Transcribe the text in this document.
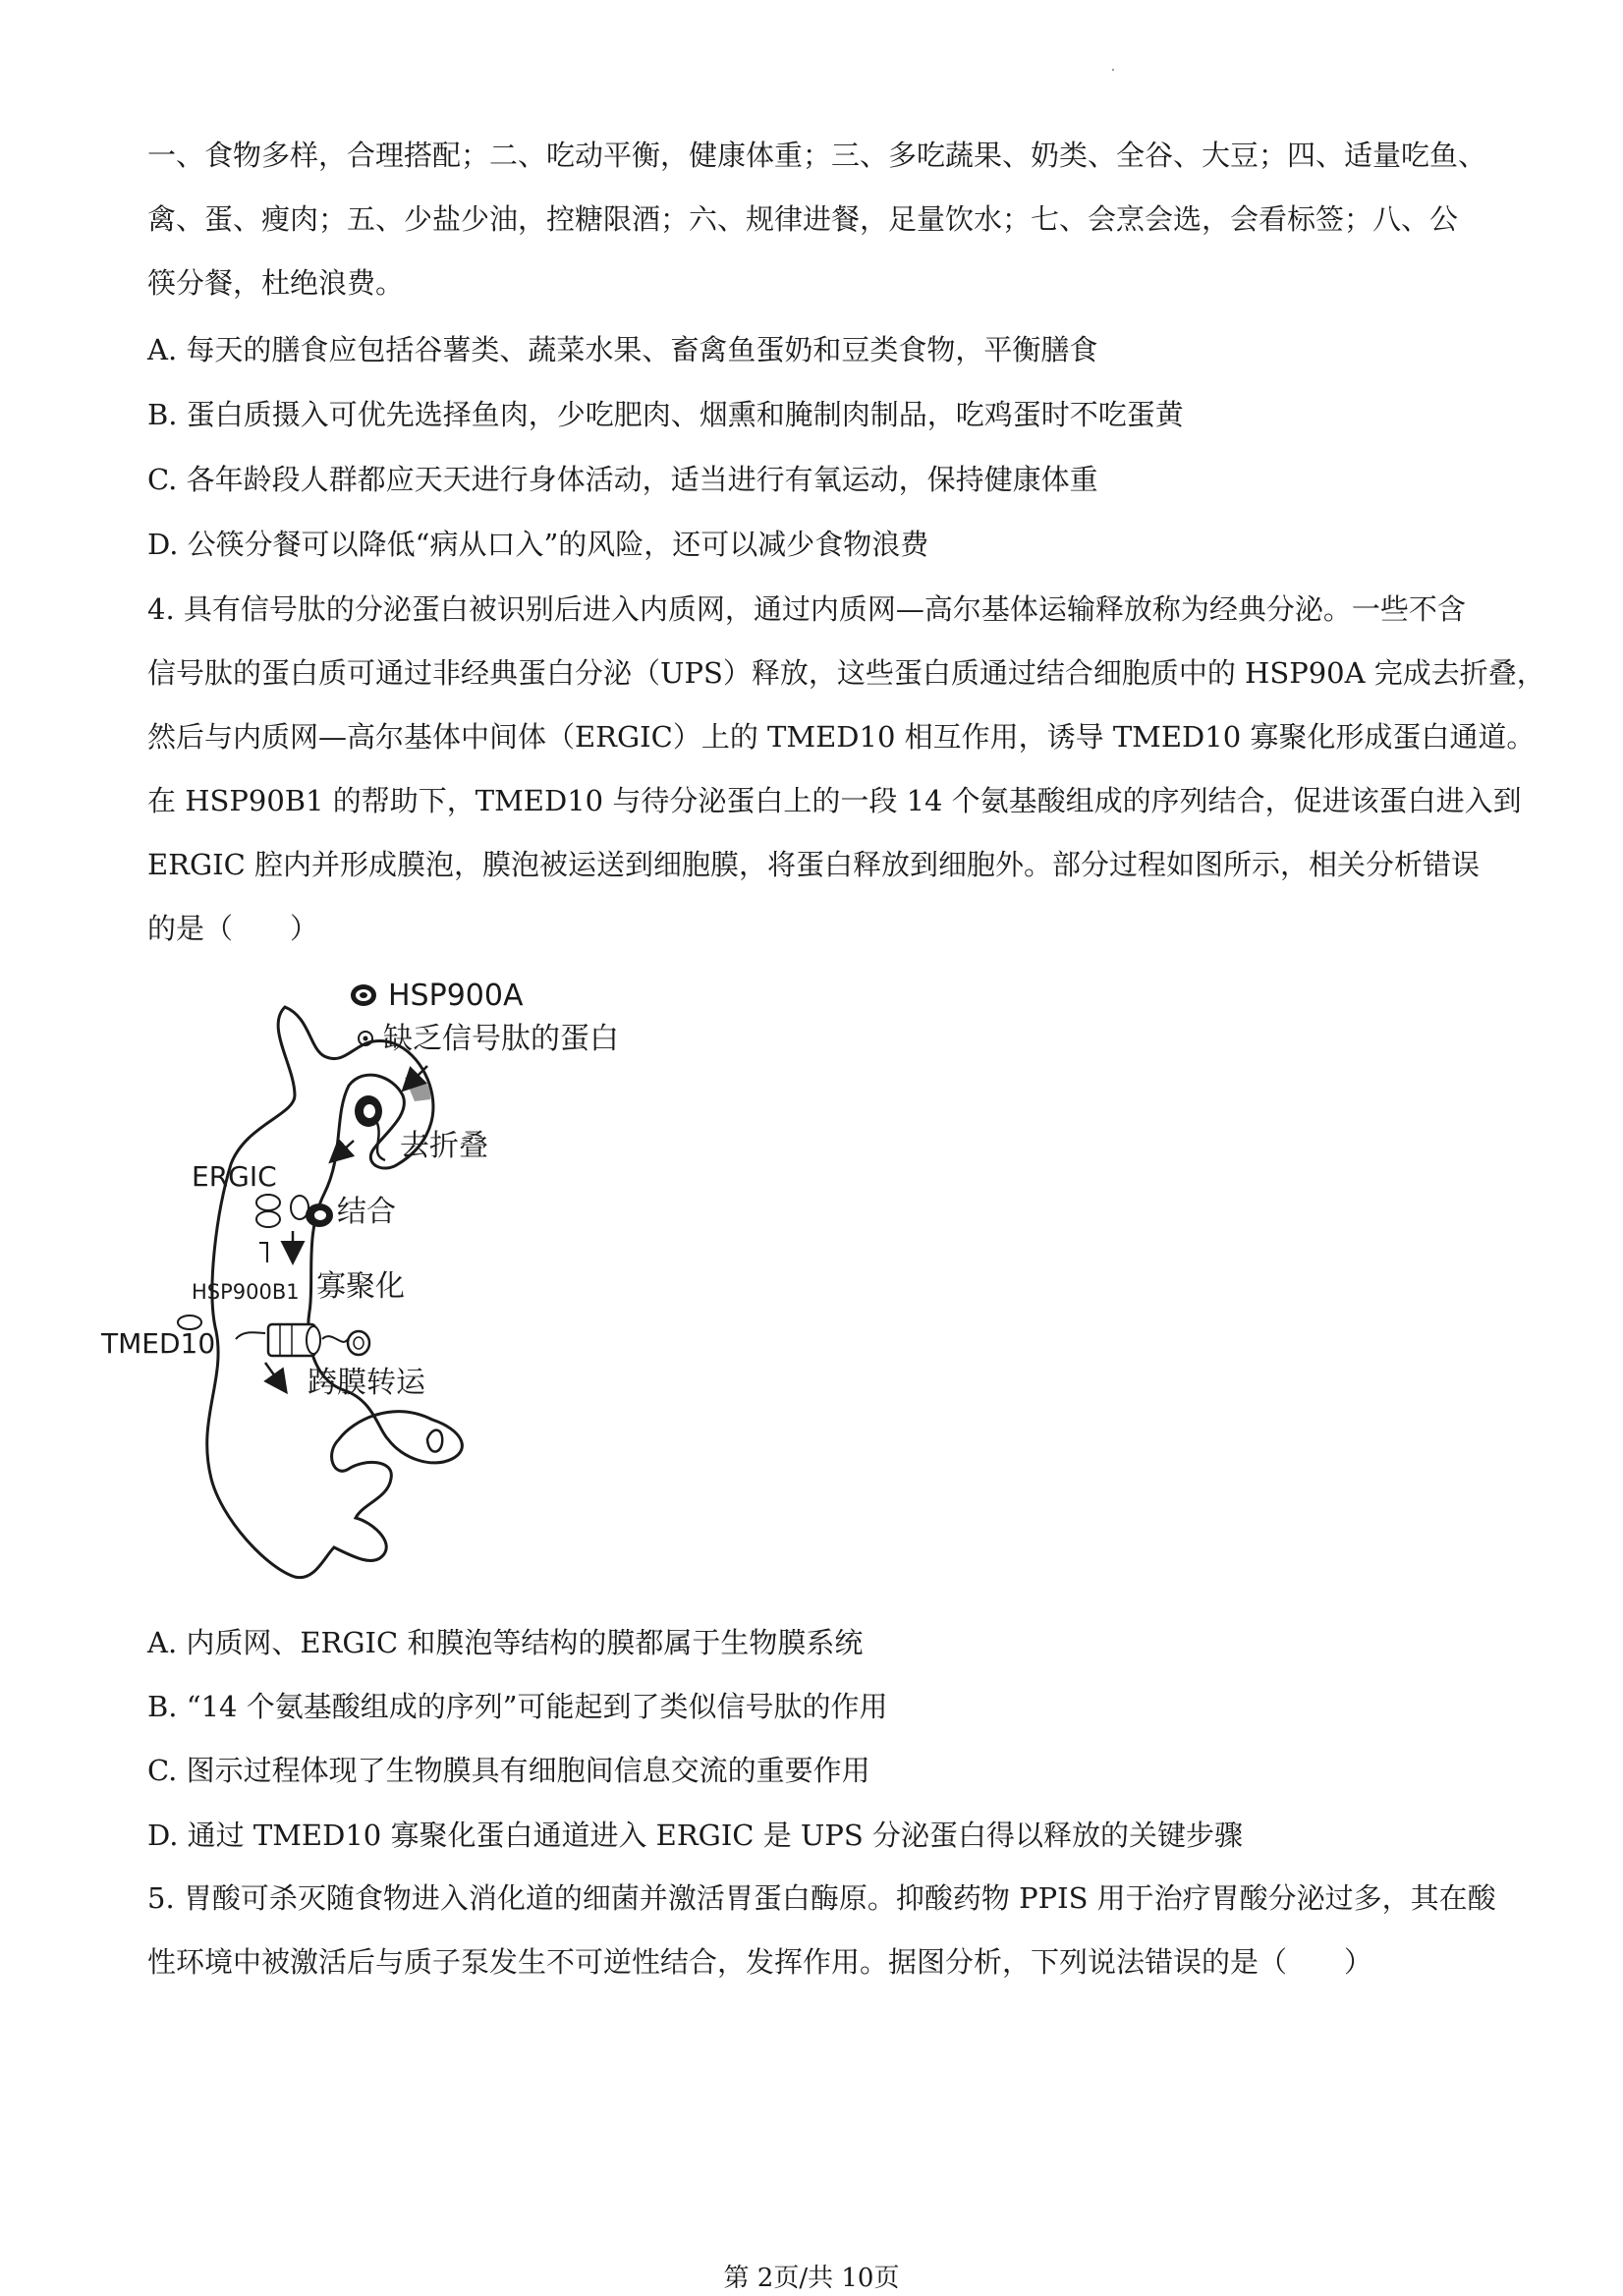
一、食物多样，合理搭配；二、吃动平衡，健康体重；三、多吃蔬果、奶类、全谷、大豆；四、适量吃鱼、
禽、蛋、瘦肉；五、少盐少油，控糖限酒；六、规律进餐，足量饮水；七、会烹会选，会看标签；八、公
筷分餐，杜绝浪费。

A. 每天的膳食应包括谷薯类、蔬菜水果、畜禽鱼蛋奶和豆类食物，平衡膳食

B. 蛋白质摄入可优先选择鱼肉，少吃肥肉、烟熏和腌制肉制品，吃鸡蛋时不吃蛋黄

C. 各年龄段人群都应天天进行身体活动，适当进行有氧运动，保持健康体重

D. 公筷分餐可以降低“病从口入”的风险，还可以减少食物浪费

4. 具有信号肽的分泌蛋白被识别后进入内质网，通过内质网—高尔基体运输释放称为经典分泌。一些不含
信号肽的蛋白质可通过非经典蛋白分泌（UPS）释放，这些蛋白质通过结合细胞质中的 HSP90A 完成去折叠，
然后与内质网—高尔基体中间体（ERGIC）上的 TMED10 相互作用，诱导 TMED10 寡聚化形成蛋白通道。
在 HSP90B1 的帮助下，TMED10 与待分泌蛋白上的一段 14 个氨基酸组成的序列结合，促进该蛋白进入到
ERGIC 腔内并形成膜泡，膜泡被运送到细胞膜，将蛋白释放到细胞外。部分过程如图所示，相关分析错误
的是（　　）
HSP900A
缺乏信号肽的蛋白
去折叠
ERGIC
结合
寡聚化
HSP900B1
TMED10
跨膜转运

A. 内质网、ERGIC 和膜泡等结构的膜都属于生物膜系统

B. “14 个氨基酸组成的序列”可能起到了类似信号肽的作用

C. 图示过程体现了生物膜具有细胞间信息交流的重要作用

D. 通过 TMED10 寡聚化蛋白通道进入 ERGIC 是 UPS 分泌蛋白得以释放的关键步骤

5. 胃酸可杀灭随食物进入消化道的细菌并激活胃蛋白酶原。抑酸药物 PPIS 用于治疗胃酸分泌过多，其在酸
性环境中被激活后与质子泵发生不可逆性结合，发挥作用。据图分析，下列说法错误的是（　　）
第 2页/共 10页
